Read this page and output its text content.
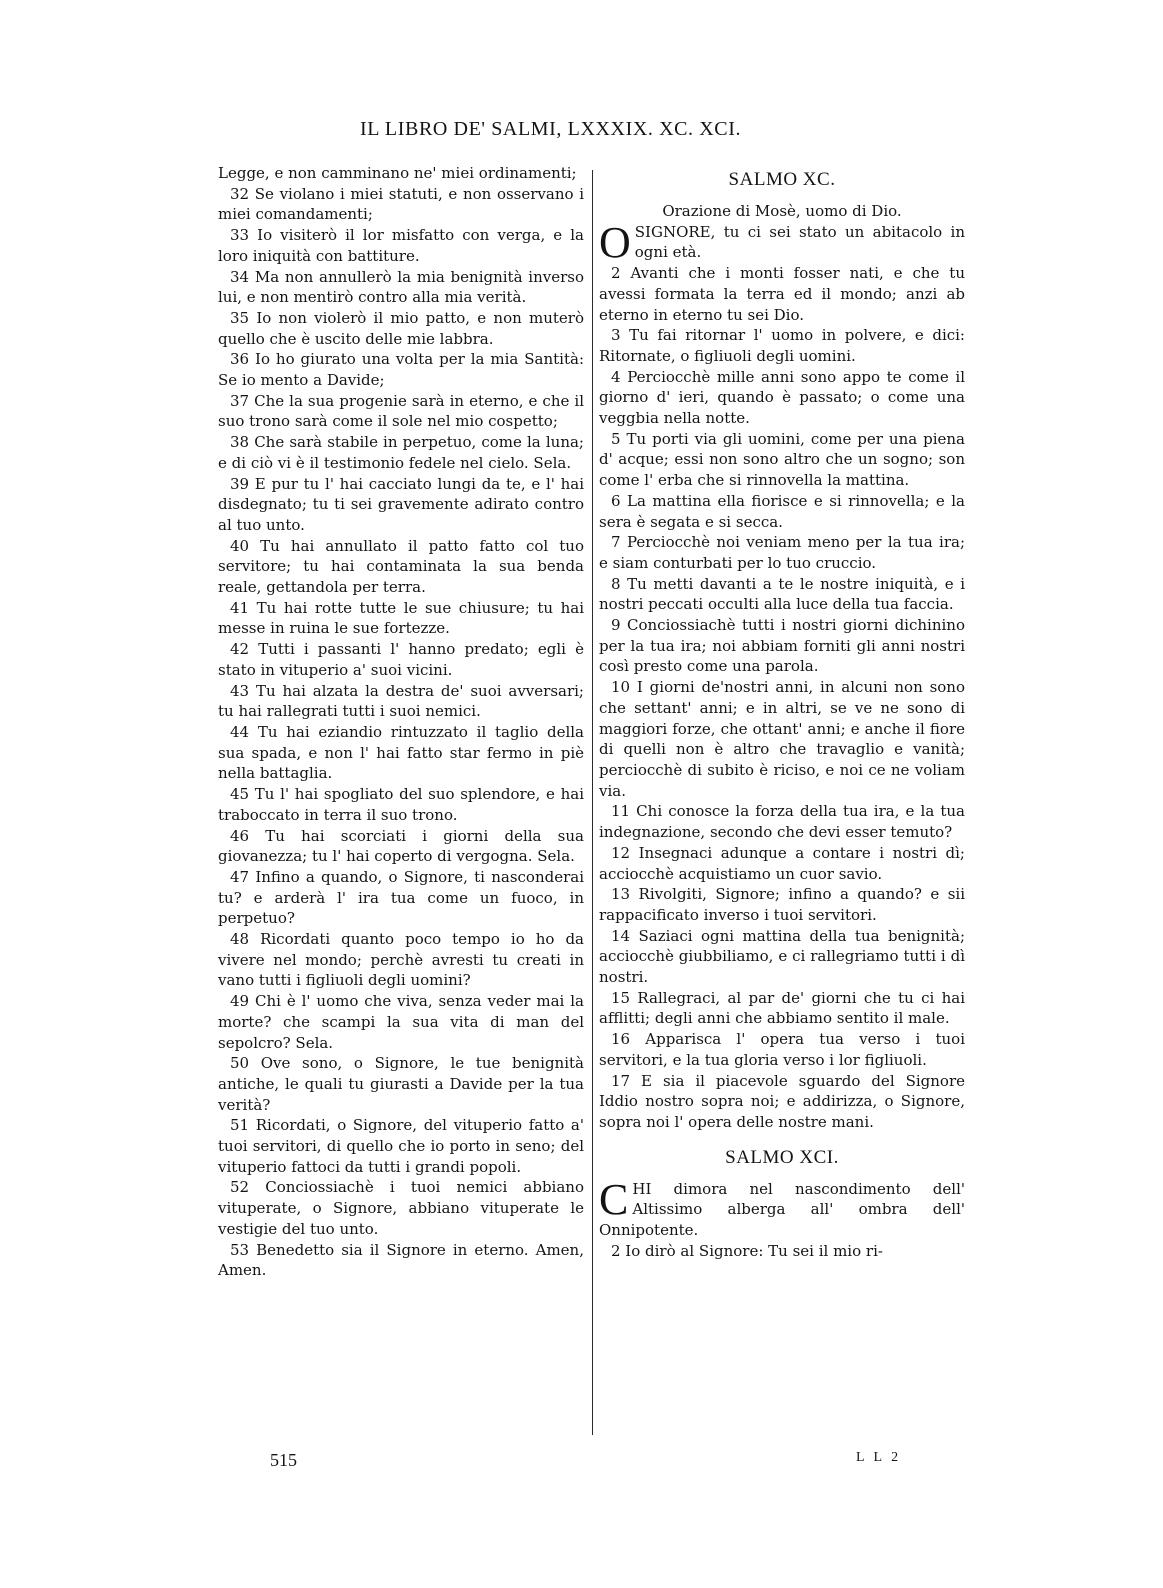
IL LIBRO DE' SALMI, LXXXIX. XC. XCI.

Legge, e non camminano ne' miei ordinamenti;

32 Se violano i miei statuti, e non osservano i miei comandamenti;

33 Io visiterò il lor misfatto con verga, e la loro iniquità con battiture.

34 Ma non annullerò la mia benignità inverso lui, e non mentirò contro alla mia verità.

35 Io non violerò il mio patto, e non muterò quello che è uscito delle mie labbra.

36 Io ho giurato una volta per la mia Santità: Se io mento a Davide;

37 Che la sua progenie sarà in eterno, e che il suo trono sarà come il sole nel mio cospetto;

38 Che sarà stabile in perpetuo, come la luna; e di ciò vi è il testimonio fedele nel cielo. Sela.

39 E pur tu l' hai cacciato lungi da te, e l' hai disdegnato; tu ti sei gravemente adirato contro al tuo unto.

40 Tu hai annullato il patto fatto col tuo servitore; tu hai contaminata la sua benda reale, gettandola per terra.

41 Tu hai rotte tutte le sue chiusure; tu hai messe in ruina le sue fortezze.

42 Tutti i passanti l' hanno predato; egli è stato in vituperio a' suoi vicini.

43 Tu hai alzata la destra de' suoi avversari; tu hai rallegrati tutti i suoi nemici.

44 Tu hai eziandio rintuzzato il taglio della sua spada, e non l' hai fatto star fermo in piè nella battaglia.

45 Tu l' hai spogliato del suo splendore, e hai traboccato in terra il suo trono.

46 Tu hai scorciati i giorni della sua giovanezza; tu l' hai coperto di vergogna. Sela.

47 Infino a quando, o Signore, ti nasconderai tu? e arderà l' ira tua come un fuoco, in perpetuo?

48 Ricordati quanto poco tempo io ho da vivere nel mondo; perchè avresti tu creati in vano tutti i figliuoli degli uomini?

49 Chi è l' uomo che viva, senza veder mai la morte? che scampi la sua vita di man del sepolcro? Sela.

50 Ove sono, o Signore, le tue benignità antiche, le quali tu giurasti a Davide per la tua verità?

51 Ricordati, o Signore, del vituperio fatto a' tuoi servitori, di quello che io porto in seno; del vituperio fattoci da tutti i grandi popoli.

52 Conciossiachè i tuoi nemici abbiano vituperate, o Signore, abbiano vituperate le vestigie del tuo unto.

53 Benedetto sia il Signore in eterno. Amen, Amen.

SALMO XC.

Orazione di Mosè, uomo di Dio.

O SIGNORE, tu ci sei stato un abitacolo in ogni età.

2 Avanti che i monti fosser nati, e che tu avessi formata la terra ed il mondo; anzi ab eterno in eterno tu sei Dio.

3 Tu fai ritornar l' uomo in polvere, e dici: Ritornate, o figliuoli degli uomini.

4 Perciocchè mille anni sono appo te come il giorno d' ieri, quando è passato; o come una veggbia nella notte.

5 Tu porti via gli uomini, come per una piena d' acque; essi non sono altro che un sogno; son come l' erba che si rinnovella la mattina.

6 La mattina ella fiorisce e si rinnovella; e la sera è segata e si secca.

7 Perciocchè noi veniam meno per la tua ira; e siam conturbati per lo tuo cruccio.

8 Tu metti davanti a te le nostre iniquità, e i nostri peccati occulti alla luce della tua faccia.

9 Conciossiachè tutti i nostri giorni dichinino per la tua ira; noi abbiam forniti gli anni nostri così presto come una parola.

10 I giorni de'nostri anni, in alcuni non sono che settant' anni; e in altri, se ve ne sono di maggiori forze, che ottant' anni; e anche il fiore di quelli non è altro che travaglio e vanità; perciocchè di subito è riciso, e noi ce ne voliam via.

11 Chi conosce la forza della tua ira, e la tua indegnazione, secondo che devi esser temuto?

12 Insegnaci adunque a contare i nostri dì; acciocchè acquistiamo un cuor savio.

13 Rivolgiti, Signore; infino a quando? e sii rappacificato inverso i tuoi servitori.

14 Saziaci ogni mattina della tua benignità; acciocchè giubbiliamo, e ci rallegriamo tutti i dì nostri.

15 Rallegraci, al par de' giorni che tu ci hai afflitti; degli anni che abbiamo sentito il male.

16 Apparisca l' opera tua verso i tuoi servitori, e la tua gloria verso i lor figliuoli.

17 E sia il piacevole sguardo del Signore Iddio nostro sopra noi; e addirizza, o Signore, sopra noi l' opera delle nostre mani.

SALMO XCI.

C HI dimora nel nascondimento dell' Altissimo alberga all' ombra dell' Onnipotente.

2 Io dirò al Signore: Tu sei il mio ri-

515	L L 2
